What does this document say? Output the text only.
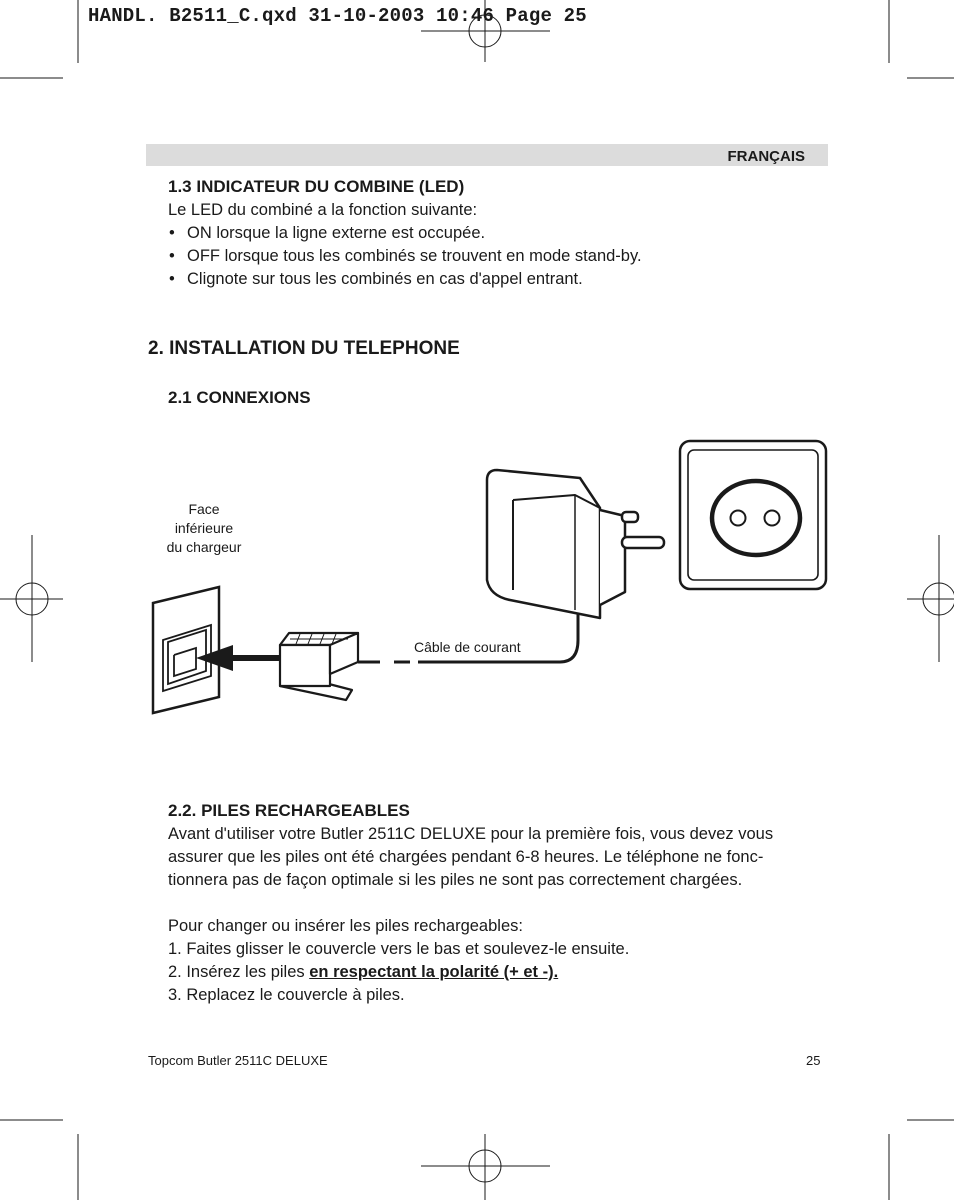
HANDL. B2511_C.qxd 31-10-2003 10:46 Page 25
FRANÇAIS
1.3 INDICATEUR DU COMBINE (LED)
Le LED du combiné a la fonction suivante:
• ON lorsque la ligne externe est occupée.
• OFF lorsque tous les combinés se trouvent en mode stand-by.
• Clignote sur tous les combinés en cas d'appel entrant.
2. INSTALLATION DU TELEPHONE
2.1 CONNEXIONS
Face
inférieure
du chargeur
Câble de courant
2.2. PILES RECHARGEABLES
Avant d'utiliser votre Butler 2511C DELUXE pour la première fois, vous devez vous
assurer que les piles ont été chargées pendant 6-8 heures. Le téléphone ne fonc-
tionnera pas de façon optimale si les piles ne sont pas correctement chargées.

Pour changer ou insérer les piles rechargeables:
1. Faites glisser le couvercle vers le bas et soulevez-le ensuite.
2. Insérez les piles en respectant la polarité (+ et -).
3. Replacez le couvercle à piles.
Topcom Butler 2511C DELUXE	25
